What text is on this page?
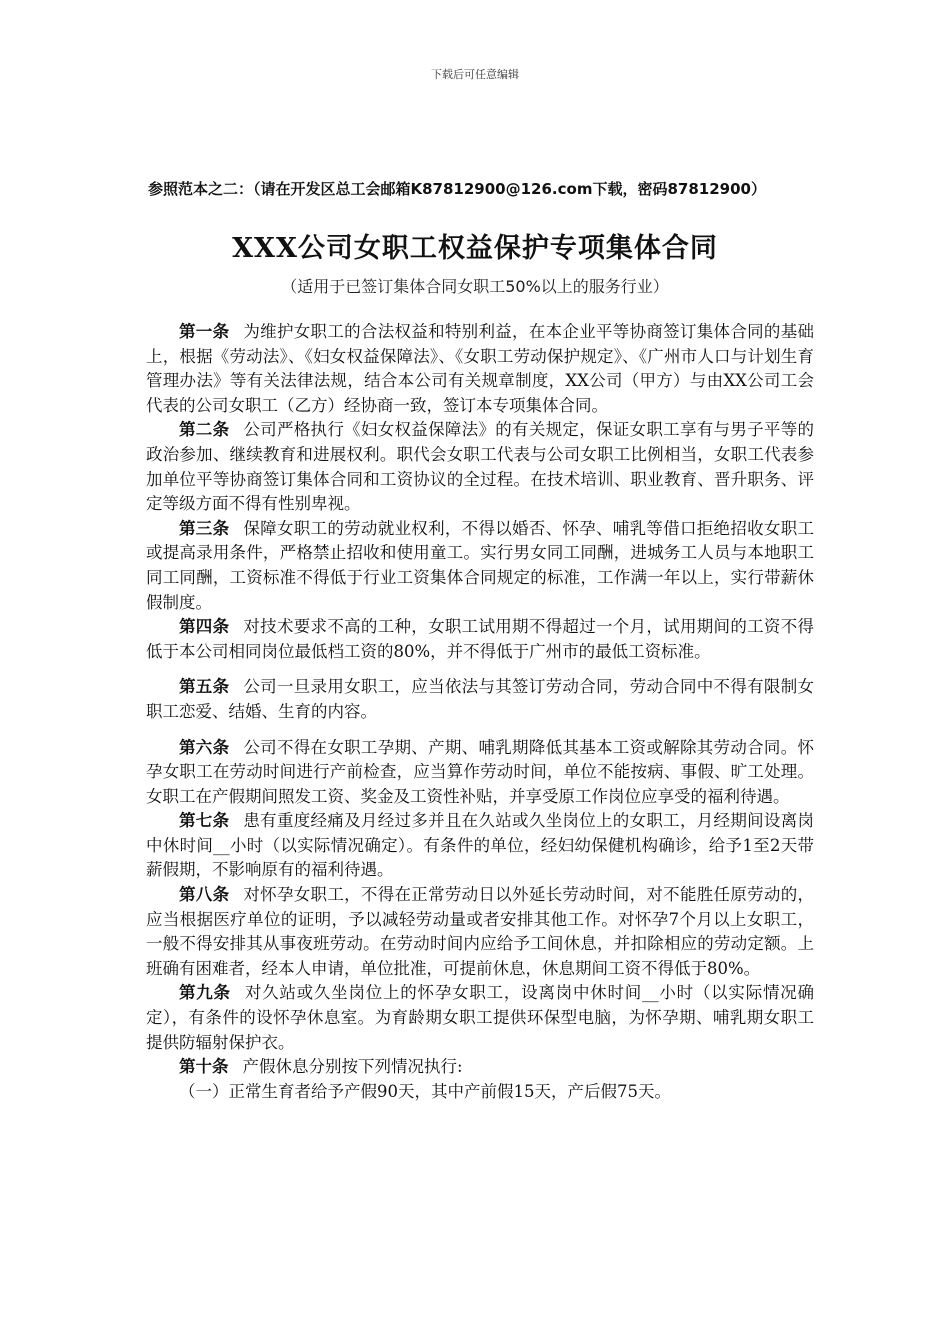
下载后可任意编辑
参照范本之二：（请在开发区总工会邮箱K87812900@126.com下载，密码87812900）
XXX公司女职工权益保护专项集体合同
（适用于已签订集体合同女职工50%以上的服务行业）

第一条 为维护女职工的合法权益和特别利益，在本企业平等协商签订集体合同的基础上，根据《劳动法》、《妇女权益保障法》、《女职工劳动保护规定》、《广州市人口与计划生育管理办法》等有关法律法规，结合本公司有关规章制度，XX公司（甲方）与由XX公司工会代表的公司女职工（乙方）经协商一致，签订本专项集体合同。

第二条 公司严格执行《妇女权益保障法》的有关规定，保证女职工享有与男子平等的政治参加、继续教育和进展权利。职代会女职工代表与公司女职工比例相当，女职工代表参加单位平等协商签订集体合同和工资协议的全过程。在技术培训、职业教育、晋升职务、评定等级方面不得有性别卑视。

第三条 保障女职工的劳动就业权利，不得以婚否、怀孕、哺乳等借口拒绝招收女职工或提高录用条件，严格禁止招收和使用童工。实行男女同工同酬，进城务工人员与本地职工同工同酬，工资标准不得低于行业工资集体合同规定的标准，工作满一年以上，实行带薪休假制度。

第四条 对技术要求不高的工种，女职工试用期不得超过一个月，试用期间的工资不得低于本公司相同岗位最低档工资的80%，并不得低于广州市的最低工资标准。

第五条 公司一旦录用女职工，应当依法与其签订劳动合同，劳动合同中不得有限制女职工恋爱、结婚、生育的内容。

第六条 公司不得在女职工孕期、产期、哺乳期降低其基本工资或解除其劳动合同。怀孕女职工在劳动时间进行产前检查，应当算作劳动时间，单位不能按病、事假、旷工处理。女职工在产假期间照发工资、奖金及工资性补贴，并享受原工作岗位应享受的福利待遇。

第七条 患有重度经痛及月经过多并且在久站或久坐岗位上的女职工，月经期间设离岗中休时间__小时（以实际情况确定）。有条件的单位，经妇幼保健机构确诊，给予1至2天带薪假期，不影响原有的福利待遇。

第八条 对怀孕女职工，不得在正常劳动日以外延长劳动时间，对不能胜任原劳动的，应当根据医疗单位的证明，予以减轻劳动量或者安排其他工作。对怀孕7个月以上女职工，一般不得安排其从事夜班劳动。在劳动时间内应给予工间休息，并扣除相应的劳动定额。上班确有困难者，经本人申请，单位批准，可提前休息，休息期间工资不得低于80%。

第九条 对久站或久坐岗位上的怀孕女职工，设离岗中休时间__小时（以实际情况确定），有条件的设怀孕休息室。为育龄期女职工提供环保型电脑，为怀孕期、哺乳期女职工提供防辐射保护衣。

第十条 产假休息分别按下列情况执行:

（一）正常生育者给予产假90天，其中产前假15天，产后假75天。
